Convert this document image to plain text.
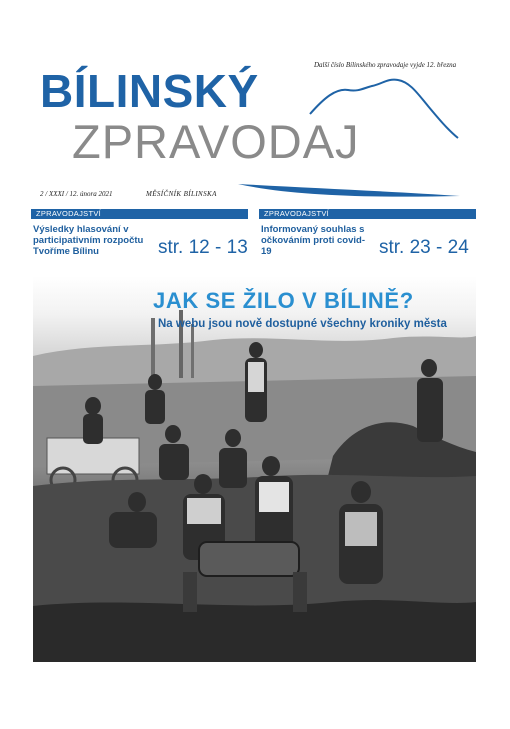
BÍLINSKÝ
ZPRAVODAJ
Další číslo Bílinského zpravodaje vyjde 12. března
2 / XXXI / 12. února 2021	MĚSÍČNÍK BÍLINSKA
ZPRAVODAJSTVÍ
Výsledky hlasování v participativním rozpočtu Tvoříme Bílinu	str. 12 - 13
ZPRAVODAJSTVÍ
Informovaný souhlas s očkováním proti covid-19	str. 23 - 24
JAK SE ŽILO V BÍLINĚ?
Na webu jsou nově dostupné všechny kroniky města
